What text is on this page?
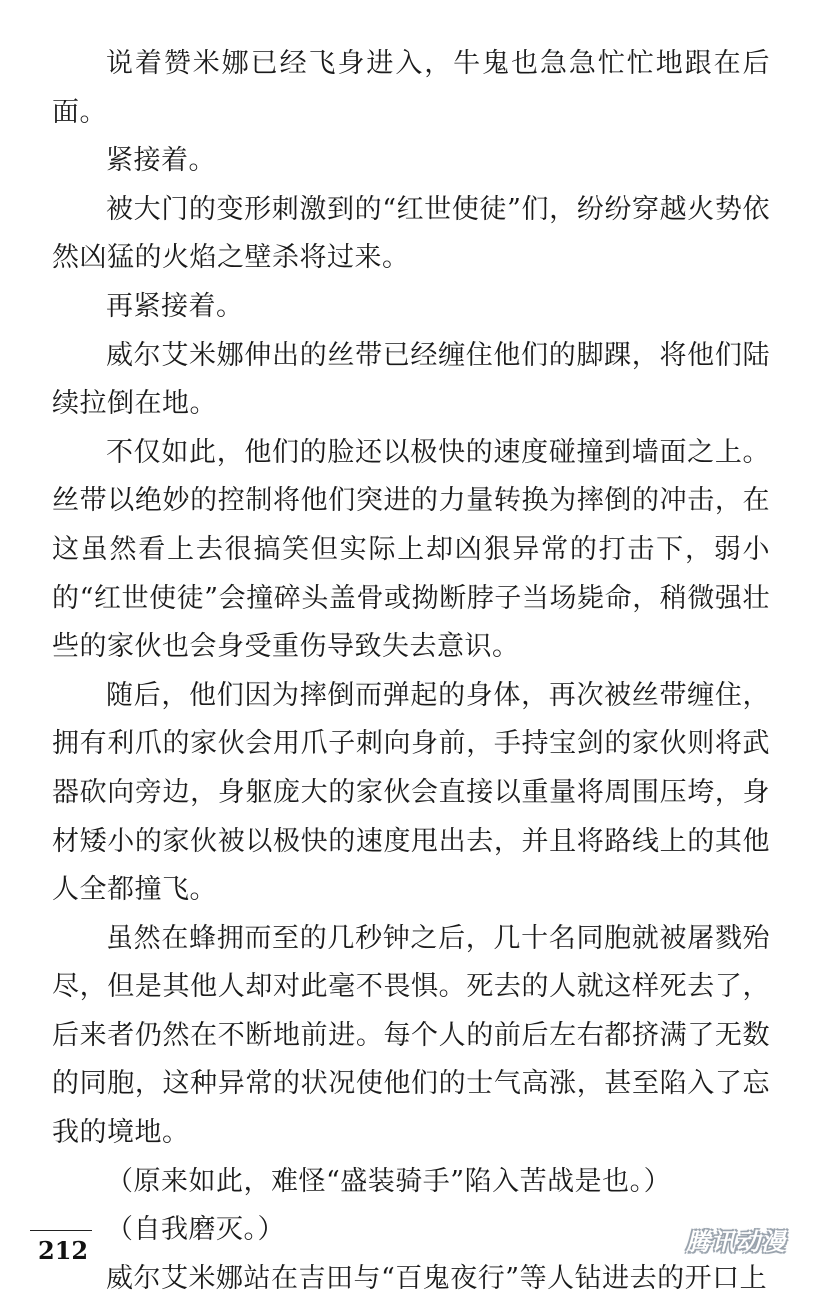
说着赞米娜已经飞身进入，牛鬼也急急忙忙地跟在后面。

紧接着。

被大门的变形刺激到的“红世使徒”们，纷纷穿越火势依然凶猛的火焰之壁杀将过来。

再紧接着。

威尔艾米娜伸出的丝带已经缠住他们的脚踝，将他们陆续拉倒在地。

不仅如此，他们的脸还以极快的速度碰撞到墙面之上。丝带以绝妙的控制将他们突进的力量转换为摔倒的冲击，在这虽然看上去很搞笑但实际上却凶狠异常的打击下，弱小的“红世使徒”会撞碎头盖骨或拗断脖子当场毙命，稍微强壮些的家伙也会身受重伤导致失去意识。

随后，他们因为摔倒而弹起的身体，再次被丝带缠住，拥有利爪的家伙会用爪子刺向身前，手持宝剑的家伙则将武器砍向旁边，身躯庞大的家伙会直接以重量将周围压垮，身材矮小的家伙被以极快的速度甩出去，并且将路线上的其他人全都撞飞。

虽然在蜂拥而至的几秒钟之后，几十名同胞就被屠戮殆尽，但是其他人却对此毫不畏惧。死去的人就这样死去了，后来者仍然在不断地前进。每个人的前后左右都挤满了无数的同胞，这种异常的状况使他们的士气高涨，甚至陷入了忘我的境地。

（原来如此，难怪“盛装骑手”陷入苦战是也。）

（自我磨灭。）

威尔艾米娜站在吉田与“百鬼夜行”等人钻进去的开口上

212	腾讯动漫
